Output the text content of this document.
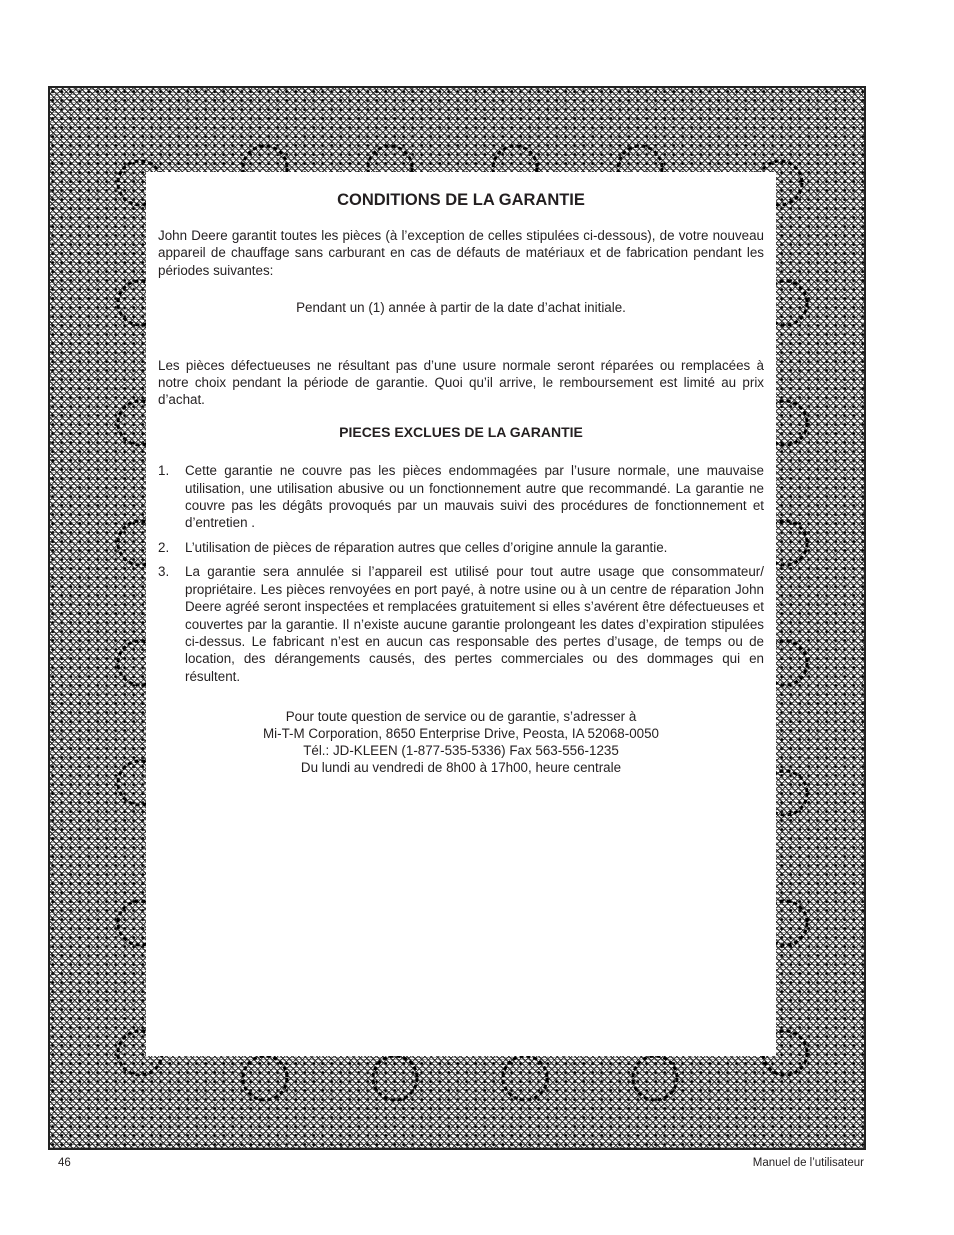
CONDITIONS DE LA GARANTIE

John Deere garantit toutes les pièces (à l’exception de celles stipulées ci-dessous), de votre nouveau appareil de chauffage sans carburant en cas de défauts de matériaux et de fabrication pendant les périodes suivantes:

Pendant un (1) année à partir de la date d’achat initiale.

Les pièces défectueuses ne résultant pas d’une usure normale seront réparées ou remplacées à notre choix pendant la période de garantie. Quoi qu’il arrive, le remboursement est limité au prix d’achat.

PIECES EXCLUES DE LA GARANTIE
1. Cette garantie ne couvre pas les pièces endommagées par l’usure normale, une mauvaise utilisation, une utilisation abusive ou un fonctionnement autre que recommandé. La garantie ne couvre pas les dégâts provoqués par un mauvais suivi des procédures de fonctionnement et d’entretien .
2. L’utilisation de pièces de réparation autres que celles d’origine annule la garantie.
3. La garantie sera annulée si l’appareil est utilisé pour tout autre usage que consommateur/ propriétaire. Les pièces renvoyées en port payé, à notre usine ou à un centre de réparation John Deere agréé seront inspectées et remplacées gratuitement si elles s’avérent être défectueuses et couvertes par la garantie. Il n’existe aucune garantie prolongeant les dates d’expiration stipulées ci-dessus. Le fabricant n’est en aucun cas responsable des pertes d’usage, de temps ou de location, des dérangements causés, des pertes commerciales ou des dommages qui en résultent.
Pour toute question de service ou de garantie, s’adresser à
Mi-T-M Corporation, 8650 Enterprise Drive, Peosta, IA 52068-0050
Tél.: JD-KLEEN (1-877-535-5336) Fax 563-556-1235
Du lundi au vendredi de 8h00 à 17h00, heure centrale
46	Manuel de l’utilisateur
